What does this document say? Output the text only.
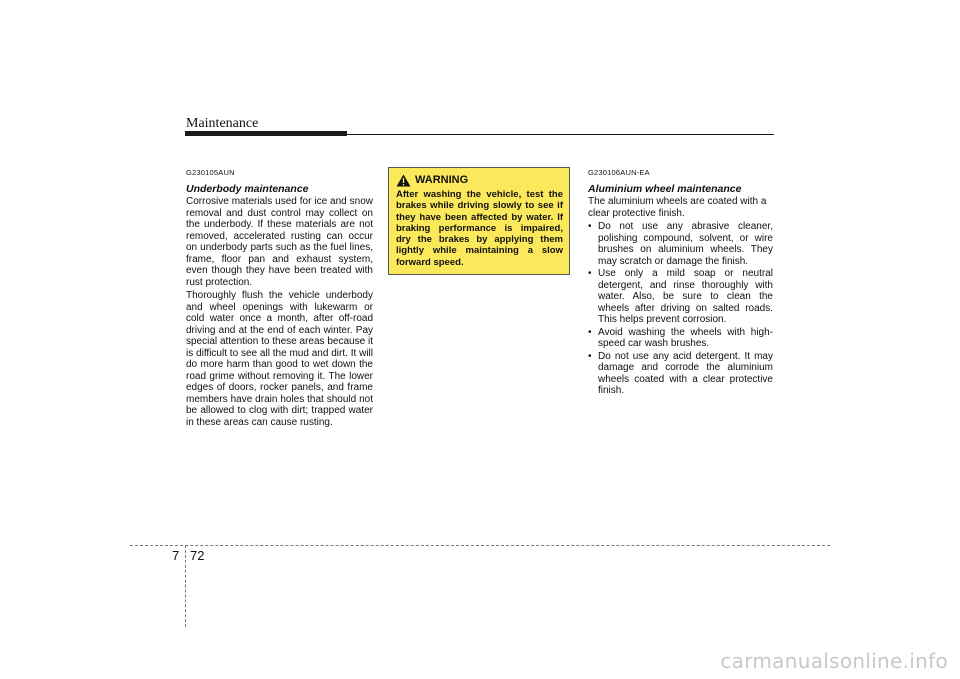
Maintenance
G230105AUN
Underbody maintenance

Corrosive materials used for ice and snow removal and dust control may collect on the underbody. If these materials are not removed, accelerated rusting can occur on underbody parts such as the fuel lines, frame, floor pan and exhaust system, even though they have been treated with rust protection.

Thoroughly flush the vehicle underbody and wheel openings with lukewarm or cold water once a month, after off-road driving and at the end of each winter. Pay special attention to these areas because it is difficult to see all the mud and dirt. It will do more harm than good to wet down the road grime without removing it. The lower edges of doors, rocker panels, and frame members have drain holes that should not be allowed to clog with dirt; trapped water in these areas can cause rusting.

WARNING

After washing the vehicle, test the brakes while driving slowly to see if they have been affected by water. If braking performance is impaired, dry the brakes by applying them lightly while maintaining a slow forward speed.

G230106AUN-EA
Aluminium wheel maintenance

The aluminium wheels are coated with a clear protective finish.

• Do not use any abrasive cleaner, polishing compound, solvent, or wire brushes on aluminium wheels. They may scratch or damage the finish.
• Use only a mild soap or neutral detergent, and rinse thoroughly with water. Also, be sure to clean the wheels after driving on salted roads. This helps prevent corrosion.
• Avoid washing the wheels with high-speed car wash brushes.
• Do not use any acid detergent. It may damage and corrode the aluminium wheels coated with a clear protective finish.
7 72
carmanualsonline.info
